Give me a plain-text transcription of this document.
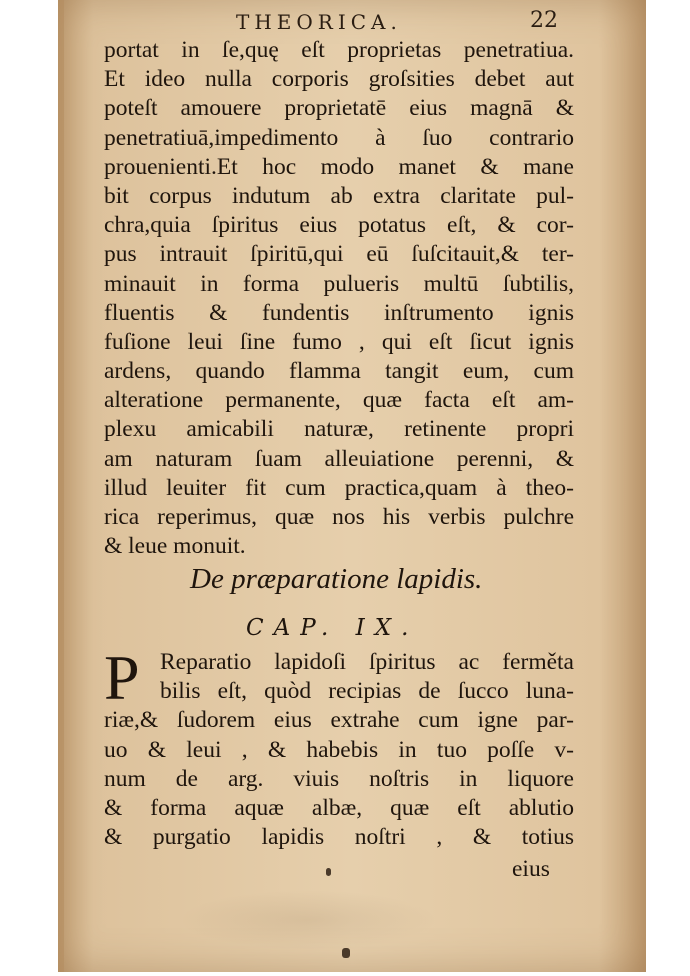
THEORICA.	22
portat in ſe,quę eſt proprietas penetratiua.
Et ideo nulla corporis groſsities debet aut
poteſt amouere proprietatē eius magnā &
penetratiuā,impedimento à ſuo contrario
prouenienti.Et hoc modo manet & mane
bit corpus indutum ab extra claritate pul-
chra,quia ſpiritus eius potatus eſt, & cor-
pus intrauit ſpiritū,qui eū ſuſcitauit,& ter-
minauit in forma pulueris multū ſubtilis,
fluentis & fundentis inſtrumento ignis
fuſione leui ſine fumo , qui eſt ſicut ignis
ardens, quando flamma tangit eum, cum
alteratione permanente, quæ facta eſt am-
plexu amicabili naturæ, retinente propri
am naturam ſuam alleuiatione perenni, &
illud leuiter fit cum practica,quam à theo-
rica reperimus, quæ nos his verbis pulchre
& leue monuit.
De præparatione lapidis.
CAP. IX.
P Reparatio lapidoſi ſpiritus ac ferměta
bilis eſt, quòd recipias de ſucco luna-
riæ,& ſudorem eius extrahe cum igne par-
uo & leui , & habebis in tuo poſſe v-
num de arg. viuis noſtris in liquore
& forma aquæ albæ, quæ eſt ablutio
& purgatio lapidis noſtri , & totius
eius
